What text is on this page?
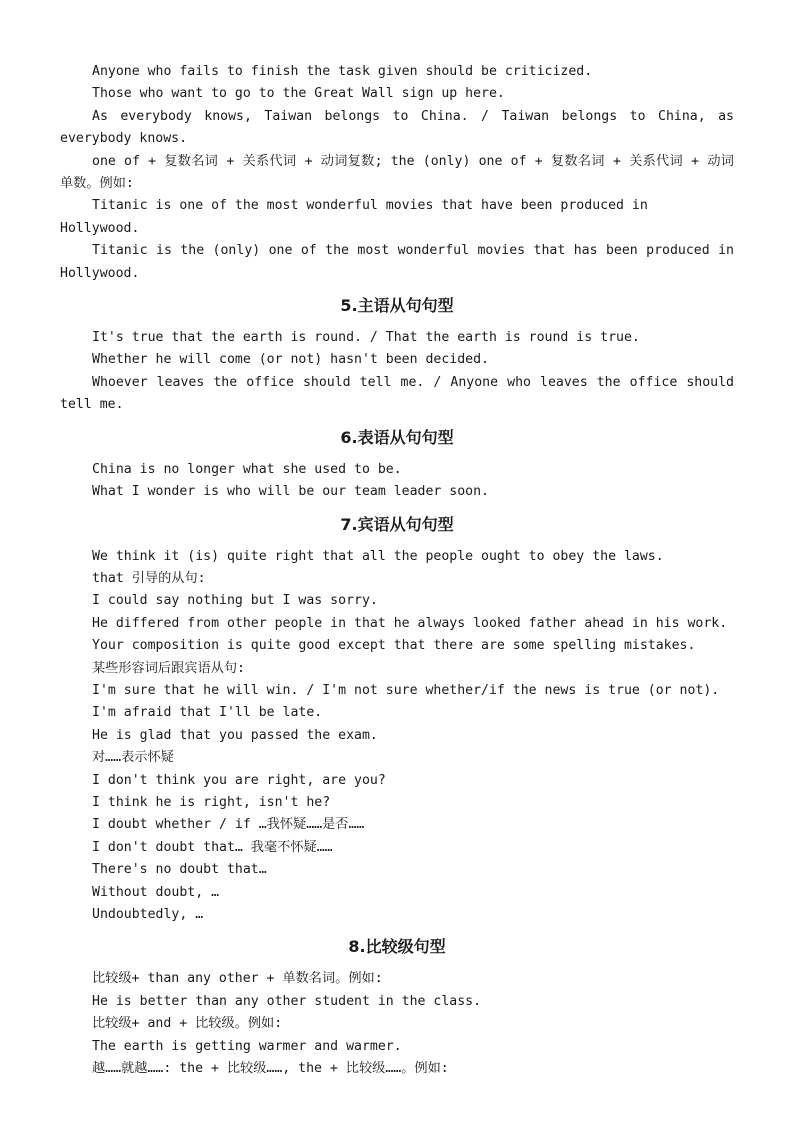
Anyone who fails to finish the task given should be criticized.

Those who want to go to the Great Wall sign up here.

As everybody knows, Taiwan belongs to China. / Taiwan belongs to China, as everybody knows.

one of + 复数名词 + 关系代词 + 动词复数; the (only) one of + 复数名词 + 关系代词 + 动词单数。例如:

Titanic is one of the most wonderful movies that have been produced in Hollywood.

Titanic is the (only) one of the most wonderful movies that has been produced in Hollywood.

5.主语从句句型

It's true that the earth is round. / That the earth is round is true.

Whether he will come (or not) hasn't been decided.

Whoever leaves the office should tell me. / Anyone who leaves the office should tell me.

6.表语从句句型

China is no longer what she used to be.

What I wonder is who will be our team leader soon.

7.宾语从句句型

We think it (is) quite right that all the people ought to obey the laws.

that 引导的从句:

I could say nothing but I was sorry.

He differed from other people in that he always looked father ahead in his work.

Your composition is quite good except that there are some spelling mistakes.

某些形容词后跟宾语从句:

I'm sure that he will win. / I'm not sure whether/if the news is true (or not).

I'm afraid that I'll be late.

He is glad that you passed the exam.

对……表示怀疑

I don't think you are right, are you?

I think he is right, isn't he?

I doubt whether / if …我怀疑……是否……

I don't doubt that… 我毫不怀疑……

There's no doubt that…

Without doubt, …

Undoubtedly, …

8.比较级句型

比较级+ than any other + 单数名词。例如:

He is better than any other student in the class.

比较级+ and + 比较级。例如:

The earth is getting warmer and warmer.

越……就越……: the + 比较级……, the + 比较级……。例如:
